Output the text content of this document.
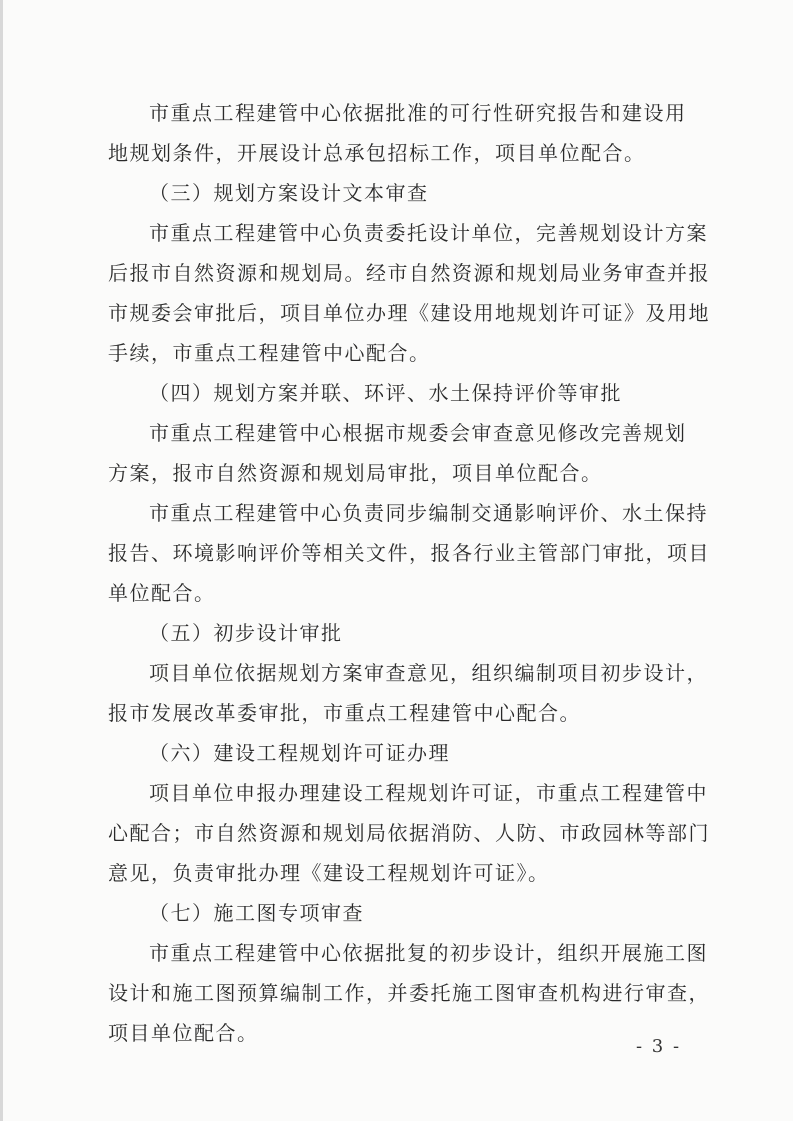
市重点工程建管中心依据批准的可行性研究报告和建设用
地规划条件，开展设计总承包招标工作，项目单位配合。
（三）规划方案设计文本审查
市重点工程建管中心负责委托设计单位，完善规划设计方案
后报市自然资源和规划局。经市自然资源和规划局业务审查并报
市规委会审批后，项目单位办理《建设用地规划许可证》及用地
手续，市重点工程建管中心配合。
（四）规划方案并联、环评、水土保持评价等审批
市重点工程建管中心根据市规委会审查意见修改完善规划
方案，报市自然资源和规划局审批，项目单位配合。
市重点工程建管中心负责同步编制交通影响评价、水土保持
报告、环境影响评价等相关文件，报各行业主管部门审批，项目
单位配合。
（五）初步设计审批
项目单位依据规划方案审查意见，组织编制项目初步设计，
报市发展改革委审批，市重点工程建管中心配合。
（六）建设工程规划许可证办理
项目单位申报办理建设工程规划许可证，市重点工程建管中
心配合；市自然资源和规划局依据消防、人防、市政园林等部门
意见，负责审批办理《建设工程规划许可证》。
（七）施工图专项审查
市重点工程建管中心依据批复的初步设计，组织开展施工图
设计和施工图预算编制工作，并委托施工图审查机构进行审查，
项目单位配合。
- 3 -
